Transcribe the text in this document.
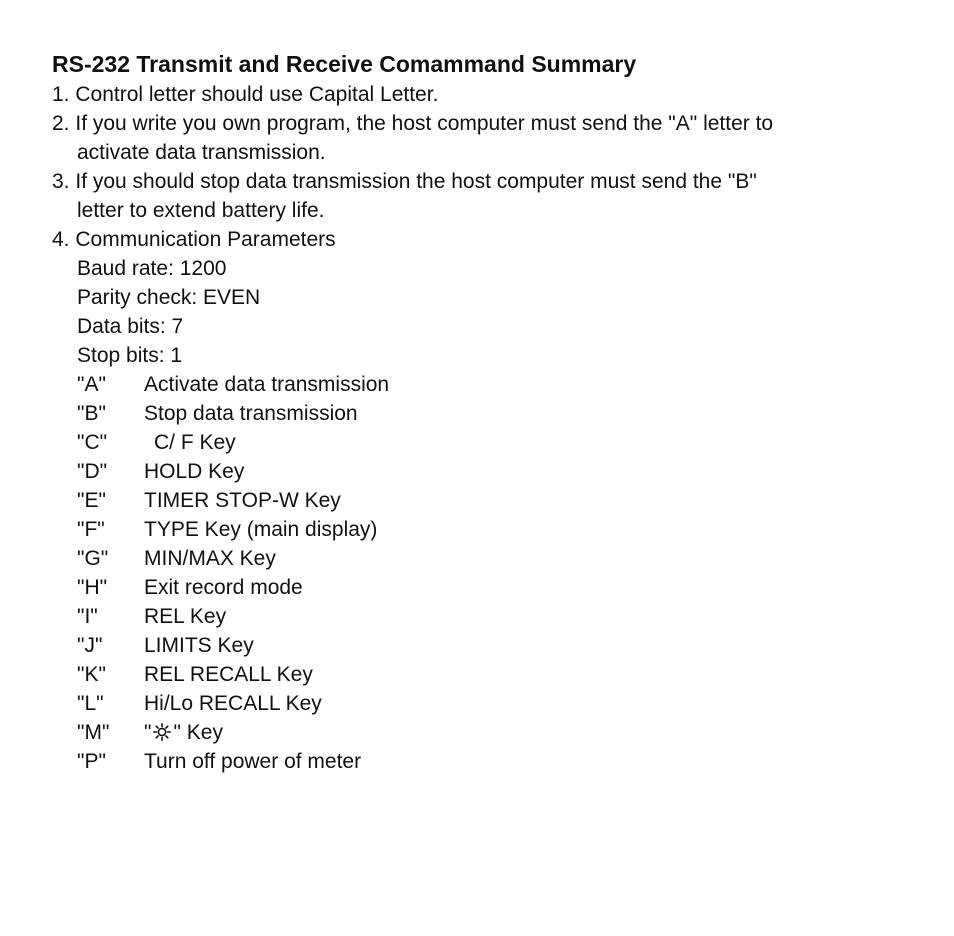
RS-232 Transmit and Receive Comammand Summary
1. Control letter should use Capital Letter.
2. If you write you own program, the host computer must send the "A" letter to
activate data transmission.
3. If you should stop data transmission the host computer must send the "B"
letter to extend battery life.
4. Communication Parameters
Baud rate: 1200
Parity check: EVEN
Data bits: 7
Stop bits: 1
"A"	Activate data transmission
"B"	Stop data transmission
"C"	C/ F Key
"D"	HOLD Key
"E"	TIMER STOP-W Key
"F"	TYPE Key (main display)
"G"	MIN/MAX Key
"H"	Exit record mode
"I"	REL Key
"J"	LIMITS Key
"K"	REL RECALL Key
"L"	Hi/Lo RECALL Key
"M"	" " Key
"P"	Turn off power of meter
